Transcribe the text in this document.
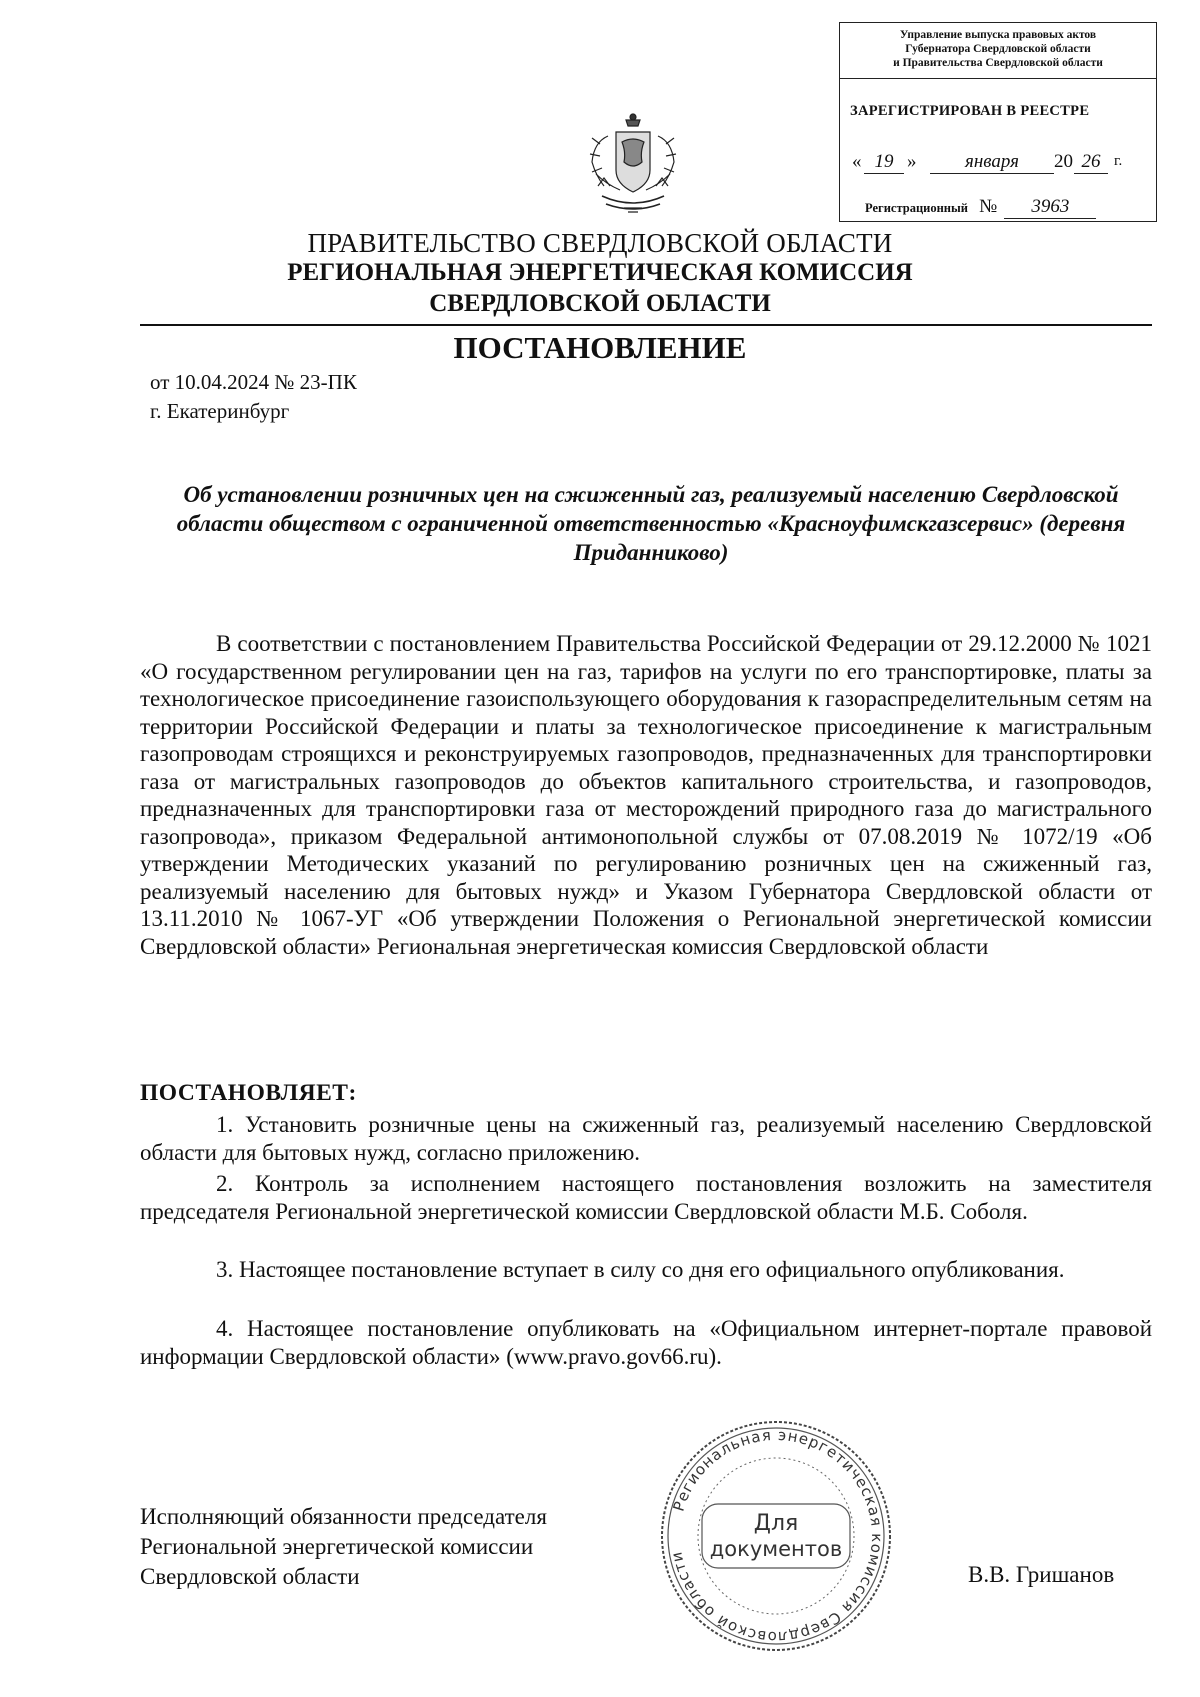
Управление выпуска правовых актов
Губернатора Свердловской области
и Правительства Свердловской области
ЗАРЕГИСТРИРОВАН В РЕЕСТРЕ
« 19 »	января	20 26 г.
Регистрационный № 3963
ПРАВИТЕЛЬСТВО СВЕРДЛОВСКОЙ ОБЛАСТИ
РЕГИОНАЛЬНАЯ ЭНЕРГЕТИЧЕСКАЯ КОМИССИЯ
СВЕРДЛОВСКОЙ ОБЛАСТИ
ПОСТАНОВЛЕНИЕ
от 10.04.2024 № 23-ПК
г. Екатеринбург
Об установлении розничных цен на сжиженный газ, реализуемый населению Свердловской области обществом с ограниченной ответственностью «Красноуфимскгазсервис» (деревня Приданниково)
В соответствии с постановлением Правительства Российской Федерации от 29.12.2000 № 1021 «О государственном регулировании цен на газ, тарифов на услуги по его транспортировке, платы за технологическое присоединение газоиспользующего оборудования к газораспределительным сетям на территории Российской Федерации и платы за технологическое присоединение к магистральным газопроводам строящихся и реконструируемых газопроводов, предназначенных для транспортировки газа от магистральных газопроводов до объектов капитального строительства, и газопроводов, предназначенных для транспортировки газа от месторождений природного газа до магистрального газопровода», приказом Федеральной антимонопольной службы от 07.08.2019 № 1072/19 «Об утверждении Методических указаний по регулированию розничных цен на сжиженный газ, реализуемый населению для бытовых нужд» и Указом Губернатора Свердловской области от 13.11.2010 № 1067-УГ «Об утверждении Положения о Региональной энергетической комиссии Свердловской области» Региональная энергетическая комиссия Свердловской области
ПОСТАНОВЛЯЕТ:
1. Установить розничные цены на сжиженный газ, реализуемый населению Свердловской области для бытовых нужд, согласно приложению.
2. Контроль за исполнением настоящего постановления возложить на заместителя председателя Региональной энергетической комиссии Свердловской области М.Б. Соболя.
3. Настоящее постановление вступает в силу со дня его официального опубликования.
4. Настоящее постановление опубликовать на «Официальном интернет-портале правовой информации Свердловской области» (www.pravo.gov66.ru).
Исполняющий обязанности председателя
Региональной энергетической комиссии
Свердловской области	В.В. Гришанов
Региональная энергетическая комиссия Свердловской области
Для
документов
